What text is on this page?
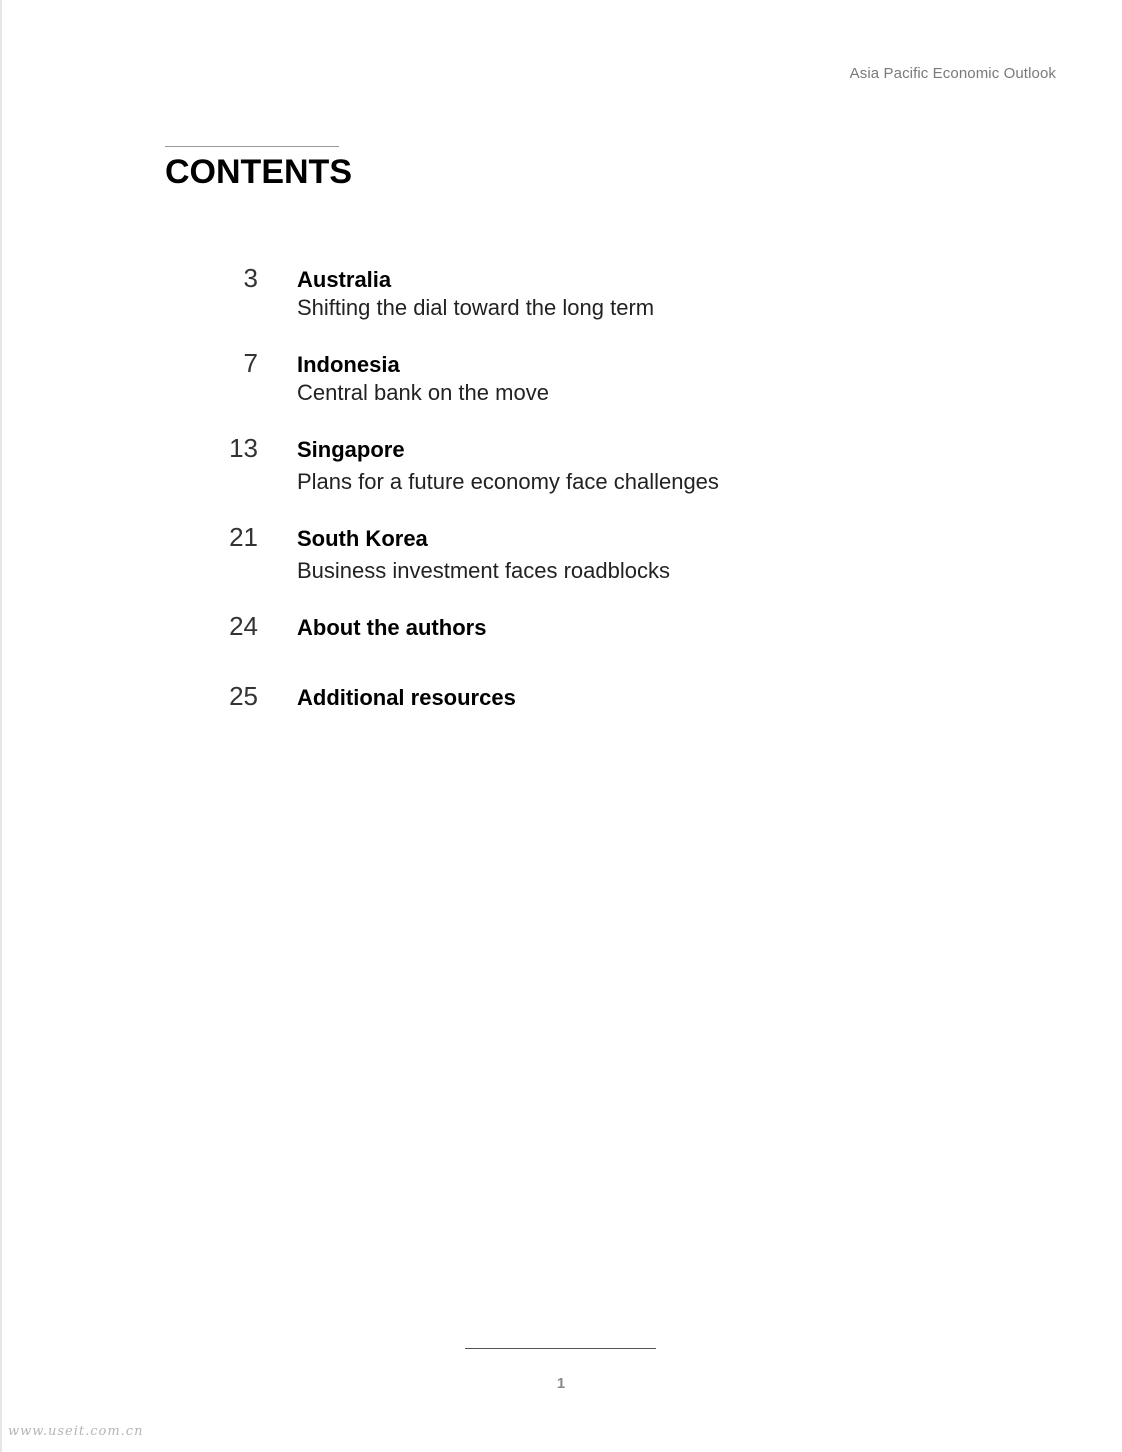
Asia Pacific Economic Outlook
CONTENTS
3 Australia
Shifting the dial toward the long term
7 Indonesia
Central bank on the move
13 Singapore
Plans for a future economy face challenges
21 South Korea
Business investment faces roadblocks
24 About the authors
25 Additional resources
1
www.useit.com.cn
